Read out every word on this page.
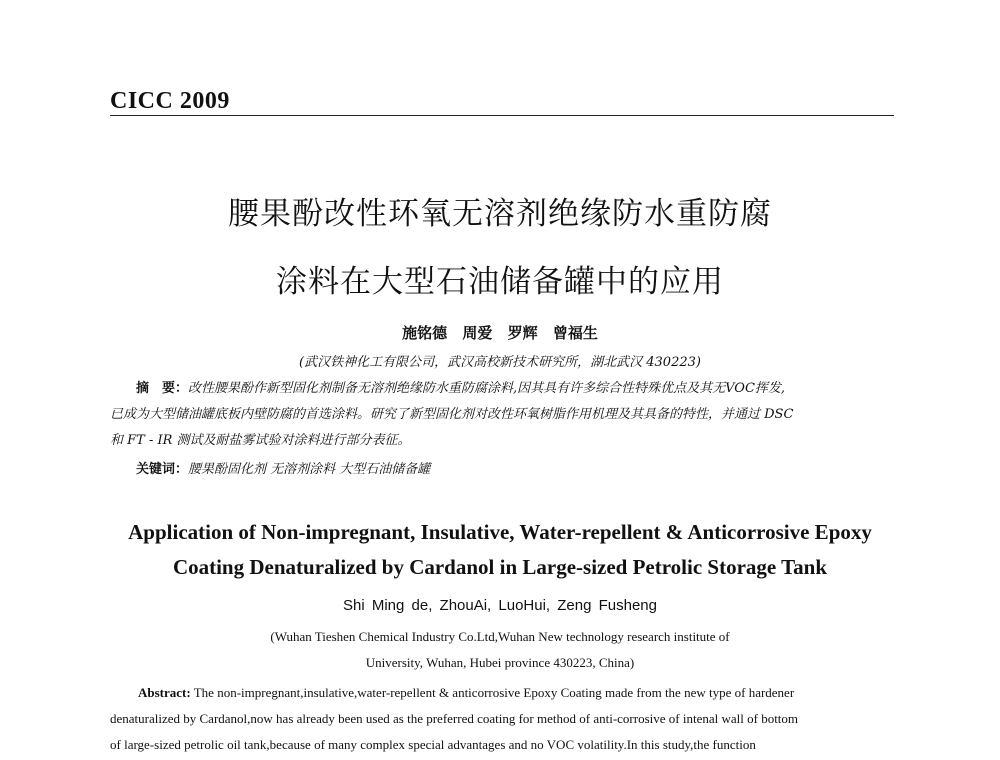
CICC 2009
腰果酚改性环氧无溶剂绝缘防水重防腐
涂料在大型石油储备罐中的应用
施铭德 周爱 罗辉 曾福生
(武汉铁神化工有限公司，武汉高校新技术研究所，湖北武汉 430223)
摘　要：改性腰果酚作新型固化剂制备无溶剂绝缘防水重防腐涂料,因其具有许多综合性特殊优点及其无VOC挥发,
已成为大型储油罐底板内壁防腐的首选涂料。研究了新型固化剂对改性环氧树脂作用机理及其具备的特性，并通过 DSC
和 FT - IR 测试及耐盐雾试验对涂料进行部分表征。
关键词：腰果酚固化剂 无溶剂涂料 大型石油储备罐
Application of Non-impregnant, Insulative, Water-repellent & Anticorrosive Epoxy
Coating Denaturalized by Cardanol in Large-sized Petrolic Storage Tank
Shi Ming de, ZhouAi, LuoHui, Zeng Fusheng
(Wuhan Tieshen Chemical Industry Co.Ltd,Wuhan New technology research institute of
University, Wuhan, Hubei province 430223, China)
Abstract: The non-impregnant,insulative,water-repellent & anticorrosive Epoxy Coating made from the new type of hardener
denaturalized by Cardanol,now has already been used as the preferred coating for method of anti-corrosive of intenal wall of bottom
of large-sized petrolic oil tank,because of many complex special advantages and no VOC volatility.In this study,the function
